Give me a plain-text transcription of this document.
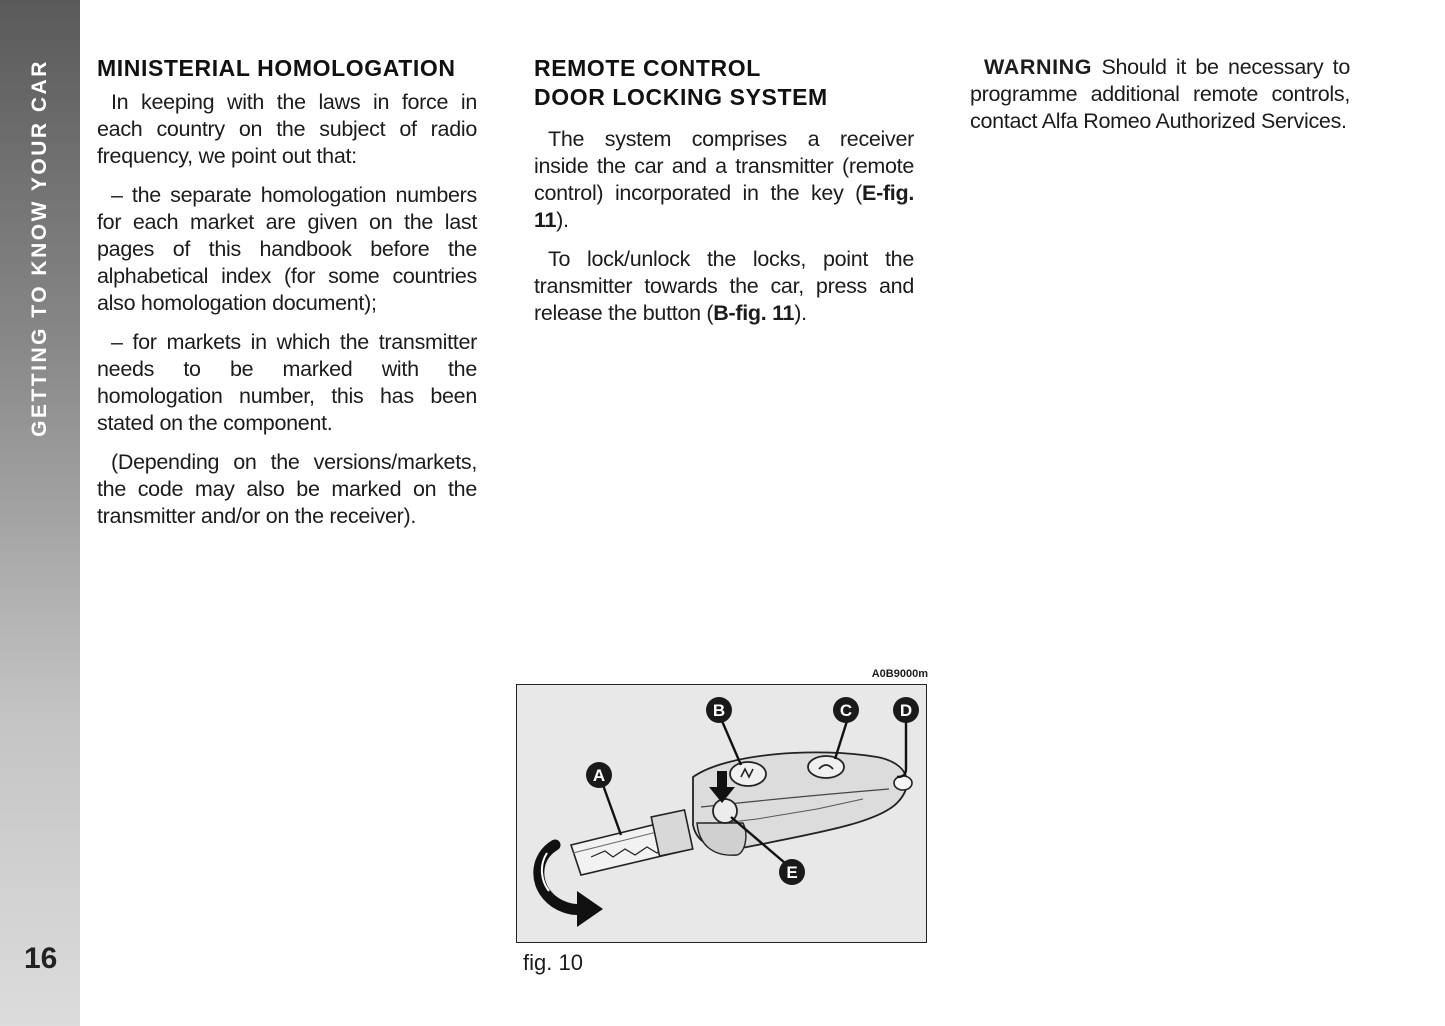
GETTING TO KNOW YOUR CAR
16
MINISTERIAL HOMOLOGATION

In keeping with the laws in force in each country on the subject of radio frequency, we point out that:

– the separate homologation numbers for each market are given on the last pages of this handbook before the alphabetical index (for some countries also homologation document);

– for markets in which the transmitter needs to be marked with the homologation number, this has been stated on the component.

(Depending on the versions/markets, the code may also be marked on the transmitter and/or on the receiver).

REMOTE CONTROL
DOOR LOCKING SYSTEM

The system comprises a receiver inside the car and a transmitter (remote control) incorporated in the key (E-fig. 11).

To lock/unlock the locks, point the transmitter towards the car, press and release the button (B-fig. 11).

WARNING Should it be necessary to programme additional remote controls, contact Alfa Romeo Authorized Services.

A0B9000m
A
B	C	D
E
fig. 10
